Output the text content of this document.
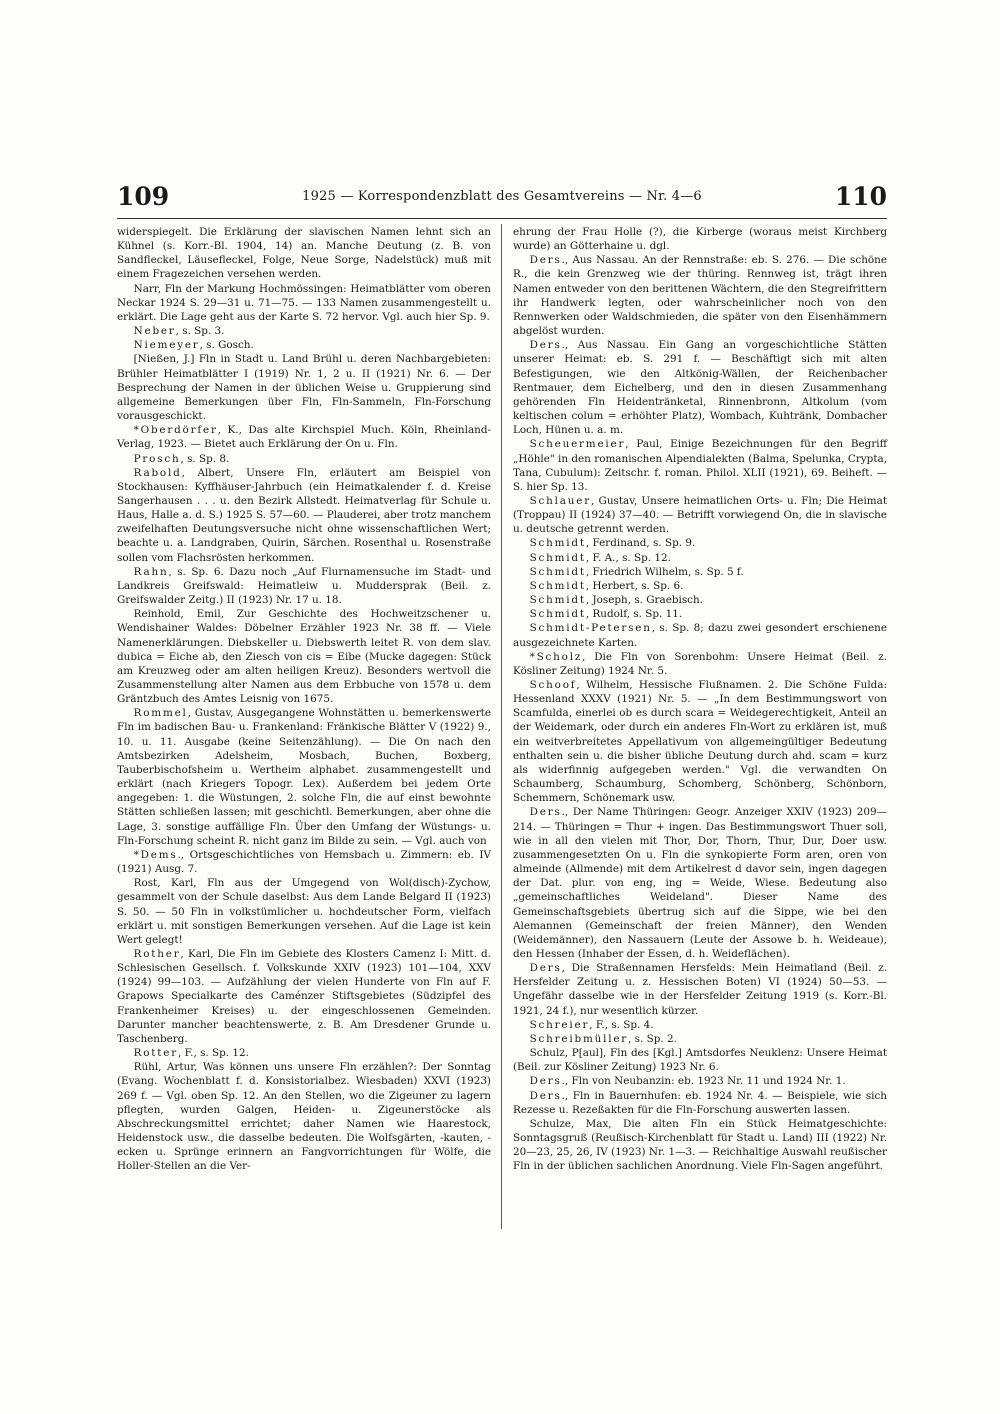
109	1925 — Korrespondenzblatt des Gesamtvereins — Nr. 4—6	110

widerspiegelt. Die Erklärung der slavischen Namen lehnt sich an Kühnel (s. Korr.-Bl. 1904, 14) an. Manche Deutung (z. B. von Sandfleckel, Läusefleckel, Folge, Neue Sorge, Nadelstück) muß mit einem Fragezeichen versehen werden.

Narr, Fln der Markung Hochmössingen: Heimatblätter vom oberen Neckar 1924 S. 29—31 u. 71—75. — 133 Namen zusammengestellt u. erklärt. Die Lage geht aus der Karte S. 72 hervor. Vgl. auch hier Sp. 9.

Neber, s. Sp. 3.

Niemeyer, s. Gosch.

[Nießen, J.] Fln in Stadt u. Land Brühl u. deren Nachbargebieten: Brühler Heimatblätter I (1919) Nr. 1, 2 u. II (1921) Nr. 6. — Der Besprechung der Namen in der üblichen Weise u. Gruppierung sind allgemeine Bemerkungen über Fln, Fln-Sammeln, Fln-Forschung vorausgeschickt.

*Oberdörfer, K., Das alte Kirchspiel Much. Köln, Rheinland-Verlag, 1923. — Bietet auch Erklärung der On u. Fln.

Prosch, s. Sp. 8.

Rabold, Albert, Unsere Fln, erläutert am Beispiel von Stockhausen: Kyffhäuser-Jahrbuch (ein Heimatkalender f. d. Kreise Sangerhausen . . . u. den Bezirk Allstedt. Heimatverlag für Schule u. Haus, Halle a. d. S.) 1925 S. 57—60. — Plauderei, aber trotz manchem zweifelhaften Deutungsversuche nicht ohne wissenschaftlichen Wert; beachte u. a. Landgraben, Quirin, Särchen. Rosenthal u. Rosenstraße sollen vom Flachsrösten herkommen.

Rahn, s. Sp. 6. Dazu noch „Auf Flurnamensuche im Stadt- und Landkreis Greifswald: Heimatleiw u. Muddersprak (Beil. z. Greifswalder Zeitg.) II (1923) Nr. 17 u. 18.

Reinhold, Emil, Zur Geschichte des Hochweitzschener u. Wendishainer Waldes: Döbelner Erzähler 1923 Nr. 38 ff. — Viele Namenerklärungen. Diebskeller u. Diebswerth leitet R. von dem slav. dubica = Eiche ab, den Ziesch von cis = Eibe (Mucke dagegen: Stück am Kreuzweg oder am alten heiligen Kreuz). Besonders wertvoll die Zusammenstellung alter Namen aus dem Erbbuche von 1578 u. dem Gräntzbuch des Amtes Leisnig von 1675.

Rommel, Gustav, Ausgegangene Wohnstätten u. bemerkenswerte Fln im badischen Bau- u. Frankenland: Fränkische Blätter V (1922) 9., 10. u. 11. Ausgabe (keine Seitenzählung). — Die On nach den Amtsbezirken Adelsheim, Mosbach, Buchen, Boxberg, Tauberbischofsheim u. Wertheim alphabet. zusammengestellt und erklärt (nach Kriegers Topogr. Lex). Außerdem bei jedem Orte angegeben: 1. die Wüstungen, 2. solche Fln, die auf einst bewohnte Stätten schließen lassen; mit geschichtl. Bemerkungen, aber ohne die Lage, 3. sonstige auffällige Fln. Über den Umfang der Wüstungs- u. Fln-Forschung scheint R. nicht ganz im Bilde zu sein. — Vgl. auch von

*Dems., Ortsgeschichtliches von Hemsbach u. Zimmern: eb. IV (1921) Ausg. 7.

Rost, Karl, Fln aus der Umgegend von Wol(disch)-Zychow, gesammelt von der Schule daselbst: Aus dem Lande Belgard II (1923) S. 50. — 50 Fln in volkstümlicher u. hochdeutscher Form, vielfach erklärt u. mit sonstigen Bemerkungen versehen. Auf die Lage ist kein Wert gelegt!

Rother, Karl, Die Fln im Gebiete des Klosters Camenz I: Mitt. d. Schlesischen Gesellsch. f. Volkskunde XXIV (1923) 101—104, XXV (1924) 99—103. — Aufzählung der vielen Hunderte von Fln auf F. Grapows Specialkarte des Caménzer Stiftsgebietes (Südzipfel des Frankenheimer Kreises) u. der eingeschlossenen Gemeinden. Darunter mancher beachtenswerte, z. B. Am Dresdener Grunde u. Taschenberg.

Rotter, F., s. Sp. 12.

Rühl, Artur, Was können uns unsere Fln erzählen?: Der Sonntag (Evang. Wochenblatt f. d. Konsistorialbez. Wiesbaden) XXVI (1923) 269 f. — Vgl. oben Sp. 12. An den Stellen, wo die Zigeuner zu lagern pflegten, wurden Galgen, Heiden- u. Zigeunerstöcke als Abschreckungsmittel errichtet; daher Namen wie Haarestock, Heidenstock usw., die dasselbe bedeuten. Die Wolfsgärten, -kauten, -ecken u. Sprünge erinnern an Fangvorrichtungen für Wölfe, die Holler-Stellen an die Ver-

ehrung der Frau Holle (?), die Kirberge (woraus meist Kirchberg wurde) an Götterhaine u. dgl.

Ders., Aus Nassau. An der Rennstraße: eb. S. 276. — Die schöne R., die kein Grenzweg wie der thüring. Rennweg ist, trägt ihren Namen entweder von den berittenen Wächtern, die den Stegreifrittern ihr Handwerk legten, oder wahrscheinlicher noch von den Rennwerken oder Waldschmieden, die später von den Eisenhämmern abgelöst wurden.

Ders., Aus Nassau. Ein Gang an vorgeschichtliche Stätten unserer Heimat: eb. S. 291 f. — Beschäftigt sich mit alten Befestigungen, wie den Altkönig-Wällen, der Reichenbacher Rentmauer, dem Eichelberg, und den in diesen Zusammenhang gehörenden Fln Heidentränketal, Rinnenbronn, Altkolum (vom keltischen colum = erhöhter Platz), Wombach, Kuhtränk, Dombacher Loch, Hünen u. a. m.

Scheuermeier, Paul, Einige Bezeichnungen für den Begriff „Höhle" in den romanischen Alpendialekten (Balma, Spelunka, Crypta, Tana, Cubulum): Zeitschr. f. roman. Philol. XLII (1921), 69. Beiheft. — S. hier Sp. 13.

Schlauer, Gustav, Unsere heimatlichen Orts- u. Fln; Die Heimat (Troppau) II (1924) 37—40. — Betrifft vorwiegend On, die in slavische u. deutsche getrennt werden.

Schmidt, Ferdinand, s. Sp. 9.

Schmidt, F. A., s. Sp. 12.

Schmidt, Friedrich Wilhelm, s. Sp. 5 f.

Schmidt, Herbert, s. Sp. 6.

Schmidt, Joseph, s. Graebisch.

Schmidt, Rudolf, s. Sp. 11.

Schmidt-Petersen, s. Sp. 8; dazu zwei gesondert erschienene ausgezeichnete Karten.

*Scholz, Die Fln von Sorenbohm: Unsere Heimat (Beil. z. Kösliner Zeitung) 1924 Nr. 5.

Schoof, Wilhelm, Hessische Flußnamen. 2. Die Schöne Fulda: Hessenland XXXV (1921) Nr. 5. — „In dem Bestimmungswort von Scamfulda, einerlei ob es durch scara = Weidegerechtigkeit, Anteil an der Weidemark, oder durch ein anderes Fln-Wort zu erklären ist, muß ein weitverbreitetes Appellativum von allgemeingültiger Bedeutung enthalten sein u. die bisher übliche Deutung durch ahd. scam = kurz als widerfinnig aufgegeben werden." Vgl. die verwandten On Schaumberg, Schaumburg, Schomberg, Schönberg, Schönborn, Schemmern, Schönemark usw.

Ders., Der Name Thüringen: Geogr. Anzeiger XXIV (1923) 209—214. — Thüringen = Thur + ingen. Das Bestimmungswort Thuer soll, wie in all den vielen mit Thor, Dor, Thorn, Thur, Dur, Doer usw. zusammengesetzten On u. Fln die synkopierte Form aren, oren von almeinde (Allmende) mit dem Artikelrest d davor sein, ingen dagegen der Dat. plur. von eng, ing = Weide, Wiese. Bedeutung also „gemeinschaftliches Weideland". Dieser Name des Gemeinschaftsgebiets übertrug sich auf die Sippe, wie bei den Alemannen (Gemeinschaft der freien Männer), den Wenden (Weidemänner), den Nassauern (Leute der Assowe b. h. Weideaue), den Hessen (Inhaber der Essen, d. h. Weideflächen).

Ders, Die Straßennamen Hersfelds: Mein Heimatland (Beil. z. Hersfelder Zeitung u. z. Hessischen Boten) VI (1924) 50—53. — Ungefähr dasselbe wie in der Hersfelder Zeitung 1919 (s. Korr.-Bl. 1921, 24 f.), nur wesentlich kürzer.

Schreier, F., s. Sp. 4.

Schreibmüller, s. Sp. 2.

Schulz, P[aul], Fln des [Kgl.] Amtsdorfes Neuklenz: Unsere Heimat (Beil. zur Kösliner Zeitung) 1923 Nr. 6.

Ders., Fln von Neubanzin: eb. 1923 Nr. 11 und 1924 Nr. 1.

Ders., Fln in Bauernhufen: eb. 1924 Nr. 4. — Beispiele, wie sich Rezesse u. Rezeßakten für die Fln-Forschung auswerten lassen.

Schulze, Max, Die alten Fln ein Stück Heimatgeschichte: Sonntagsgruß (Reußisch-Kirchenblatt für Stadt u. Land) III (1922) Nr. 20—23, 25, 26, IV (1923) Nr. 1—3. — Reichhaltige Auswahl reußischer Fln in der üblichen sachlichen Anordnung. Viele Fln-Sagen angeführt.
